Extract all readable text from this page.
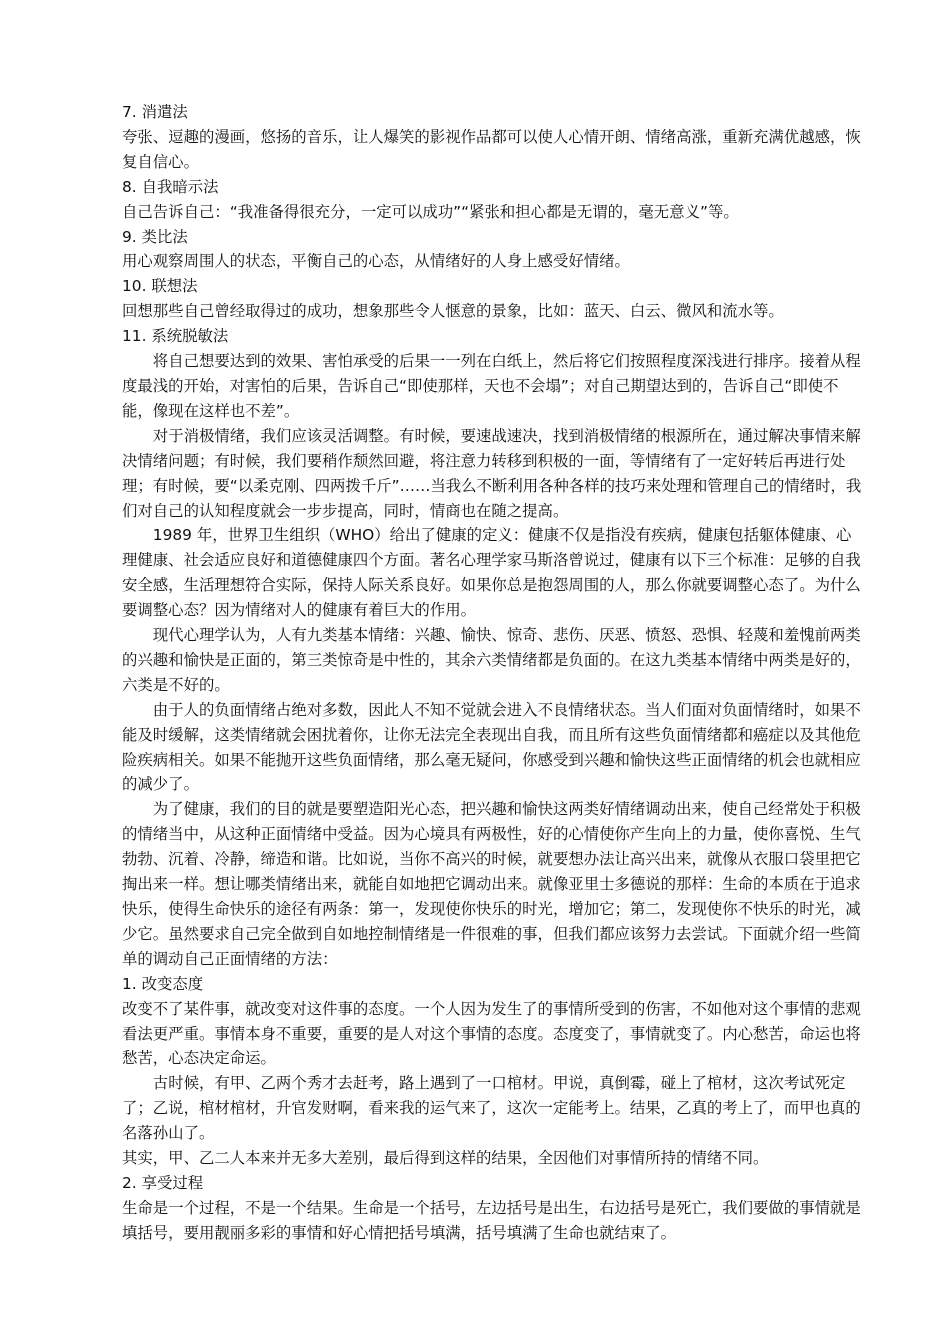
7. 消遣法

夸张、逗趣的漫画，悠扬的音乐，让人爆笑的影视作品都可以使人心情开朗、情绪高涨，重新充满优越感，恢复自信心。

8. 自我暗示法

自己告诉自己：“我准备得很充分，一定可以成功”“紧张和担心都是无谓的，毫无意义”等。

9. 类比法

用心观察周围人的状态，平衡自己的心态，从情绪好的人身上感受好情绪。

10. 联想法

回想那些自己曾经取得过的成功，想象那些令人惬意的景象，比如：蓝天、白云、微风和流水等。

11. 系统脱敏法

将自己想要达到的效果、害怕承受的后果一一列在白纸上，然后将它们按照程度深浅进行排序。接着从程度最浅的开始，对害怕的后果，告诉自己“即使那样，天也不会塌”；对自己期望达到的，告诉自己“即使不能，像现在这样也不差”。

对于消极情绪，我们应该灵活调整。有时候，要速战速决，找到消极情绪的根源所在，通过解决事情来解决情绪问题；有时候，我们要稍作颓然回避，将注意力转移到积极的一面，等情绪有了一定好转后再进行处理；有时候，要“以柔克刚、四两拨千斤”……当我么不断利用各种各样的技巧来处理和管理自己的情绪时，我们对自己的认知程度就会一步步提高，同时，情商也在随之提高。

1989 年，世界卫生组织（WHO）给出了健康的定义：健康不仅是指没有疾病，健康包括躯体健康、心理健康、社会适应良好和道德健康四个方面。著名心理学家马斯洛曾说过，健康有以下三个标准：足够的自我安全感，生活理想符合实际，保持人际关系良好。如果你总是抱怨周围的人，那么你就要调整心态了。为什么要调整心态？因为情绪对人的健康有着巨大的作用。

现代心理学认为，人有九类基本情绪：兴趣、愉快、惊奇、悲伤、厌恶、愤怒、恐惧、轻蔑和羞愧前两类的兴趣和愉快是正面的，第三类惊奇是中性的，其余六类情绪都是负面的。在这九类基本情绪中两类是好的，六类是不好的。

由于人的负面情绪占绝对多数，因此人不知不觉就会进入不良情绪状态。当人们面对负面情绪时，如果不能及时缓解，这类情绪就会困扰着你，让你无法完全表现出自我，而且所有这些负面情绪都和癌症以及其他危险疾病相关。如果不能抛开这些负面情绪，那么毫无疑问，你感受到兴趣和愉快这些正面情绪的机会也就相应的减少了。

为了健康，我们的目的就是要塑造阳光心态，把兴趣和愉快这两类好情绪调动出来，使自己经常处于积极的情绪当中，从这种正面情绪中受益。因为心境具有两极性，好的心情使你产生向上的力量，使你喜悦、生气勃勃、沉着、冷静，缔造和谐。比如说，当你不高兴的时候，就要想办法让高兴出来，就像从衣服口袋里把它掏出来一样。想让哪类情绪出来，就能自如地把它调动出来。就像亚里士多德说的那样：生命的本质在于追求快乐，使得生命快乐的途径有两条：第一，发现使你快乐的时光，增加它；第二，发现使你不快乐的时光，减少它。虽然要求自己完全做到自如地控制情绪是一件很难的事，但我们都应该努力去尝试。下面就介绍一些简单的调动自己正面情绪的方法：

1. 改变态度

改变不了某件事，就改变对这件事的态度。一个人因为发生了的事情所受到的伤害，不如他对这个事情的悲观看法更严重。事情本身不重要，重要的是人对这个事情的态度。态度变了，事情就变了。内心愁苦，命运也将愁苦，心态决定命运。

古时候，有甲、乙两个秀才去赶考，路上遇到了一口棺材。甲说，真倒霉，碰上了棺材，这次考试死定了；乙说，棺材棺材，升官发财啊，看来我的运气来了，这次一定能考上。结果，乙真的考上了，而甲也真的名落孙山了。

其实，甲、乙二人本来并无多大差别，最后得到这样的结果，全因他们对事情所持的情绪不同。

2. 享受过程

生命是一个过程，不是一个结果。生命是一个括号，左边括号是出生，右边括号是死亡，我们要做的事情就是填括号，要用靓丽多彩的事情和好心情把括号填满，括号填满了生命也就结束了。
